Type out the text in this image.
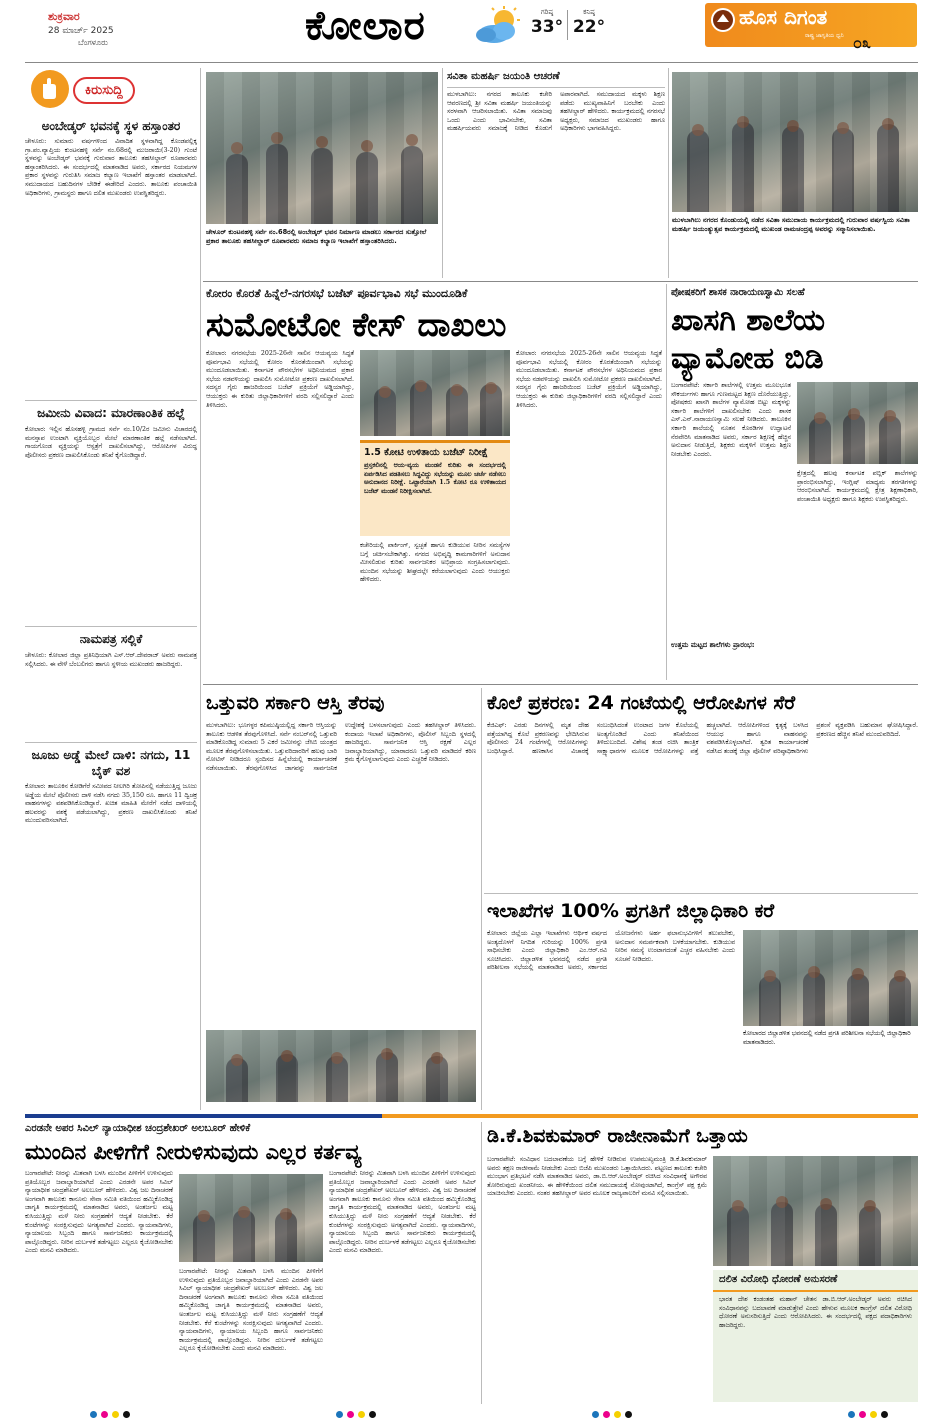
ಶುಕ್ರವಾರ
28 ಮಾರ್ಚ್ 2025
ಬೆಂಗಳೂರು	ಕೋಲಾರ	ಗರಿಷ್ಠ
33°
ಕನಿಷ್ಠ
22°	ಹೊಸ ದಿಗಂತ
ರಾಷ್ಟ್ರ ಜಾಗೃತಿಯ ಧ್ವನಿ ೦೩
ಕಿರುಸುದ್ದಿ
ಅಂಬೇಡ್ಕರ್ ಭವನಕ್ಕೆ ಸ್ಥಳ ಹಸ್ತಾಂತರ
ಚೇಳೂರು: ಸುಮಾರು ವರ್ಷಗಳಿಂದ ವಿವಾದಿತ ಸ್ಥಳವಾಗಿದ್ದ ಕೊಂಡಪಲ್ಲಿಕ್ಕ ಗ್ರಾ.ಪಂ.ವ್ಯಾಪ್ತಿಯ ಕುಂಟನಹಳ್ಳಿ ಸರ್ವೆ ನಂ.68ರಲ್ಲಿ ಮುಜರಾಯಿ(3-20) ಗುಂಟೆ ಸ್ಥಳವನ್ನು ಅಂಬೇಡ್ಕರ್ ಭವನಕ್ಕೆ ಗುರುವಾರ ತಾಲೂಕು ತಹಸೀಲ್ದಾರ್ ರೂಪಾರವರು ಹಸ್ತಾಂತರಿಸಿದರು. ಈ ಸಂದರ್ಭದಲ್ಲಿ ಮಾತನಾಡಿದ ಅವರು, ಸರ್ಕಾರದ ನಿಯಮಗಳ ಪ್ರಕಾರ ಸ್ಥಳವನ್ನು ಗುರುತಿಸಿ ಸಮಾಜ ಕಲ್ಯಾಣ ಇಲಾಖೆಗೆ ಹಸ್ತಾಂತರ ಮಾಡಲಾಗಿದೆ. ಸಮುದಾಯದ ಬಹುದಿನಗಳ ಬೇಡಿಕೆ ಈಡೇರಿದೆ ಎಂದರು. ತಾಲೂಕು ಪಂಚಾಯಿತಿ ಅಧಿಕಾರಿಗಳು, ಗ್ರಾಮಸ್ಥರು ಹಾಗೂ ದಲಿತ ಮುಖಂಡರು ಉಪಸ್ಥಿತರಿದ್ದರು.
ಜಮೀನು ವಿವಾದ: ಮಾರಣಾಂತಿಕ ಹಲ್ಲೆ
ಕೋಲಾರ: ಇಲ್ಲಿನ ಹೊಸಹಳ್ಳಿ ಗ್ರಾಮದ ಸರ್ವೆ ನಂ.10/2ರ ಜಮೀನು ವಿಚಾರದಲ್ಲಿ ಮನಸ್ತಾಪ ಉಂಟಾಗಿ ವ್ಯಕ್ತಿಯೊಬ್ಬರ ಮೇಲೆ ಮಾರಣಾಂತಿಕ ಹಲ್ಲೆ ನಡೆಸಲಾಗಿದೆ. ಗಾಯಗೊಂಡ ವ್ಯಕ್ತಿಯನ್ನು ಆಸ್ಪತ್ರೆಗೆ ದಾಖಲಿಸಲಾಗಿದ್ದು, ಆರೋಪಿಗಳ ವಿರುದ್ಧ ಪೊಲೀಸರು ಪ್ರಕರಣ ದಾಖಲಿಸಿಕೊಂಡು ತನಿಖೆ ಕೈಗೊಂಡಿದ್ದಾರೆ.
ನಾಮಪತ್ರ ಸಲ್ಲಿಕೆ
ಚೇಳೂರು: ಕೋಲಾರ ಜಿಲ್ಲಾ ಪ್ರತಿನಿಧಿಯಾಗಿ ಎಸ್.ಆರ್.ದೇವರಾಜ್ ಅವರು ನಾಮಪತ್ರ ಸಲ್ಲಿಸಿದರು. ಈ ವೇಳೆ ಬೆಂಬಲಿಗರು ಹಾಗೂ ಸ್ಥಳೀಯ ಮುಖಂಡರು ಹಾಜರಿದ್ದರು.
ಜೂಜು ಅಡ್ಡೆ ಮೇಲೆ ದಾಳಿ: ನಗದು, 11 ಬೈಕ್ ವಶ
ಕೋಲಾರ: ತಾಲೂಕಿನ ಕೋಡಿಗೆರೆ ಸಮೀಪದ ನೀಲಗಿರಿ ತೋಪಿನಲ್ಲಿ ನಡೆಯುತ್ತಿದ್ದ ಜೂಜು ಅಡ್ಡೆಯ ಮೇಲೆ ಪೊಲೀಸರು ದಾಳಿ ನಡೆಸಿ ನಗದು 35,150 ರೂ. ಹಾಗೂ 11 ದ್ವಿಚಕ್ರ ವಾಹನಗಳನ್ನು ವಶಪಡಿಸಿಕೊಂಡಿದ್ದಾರೆ. ಖಚಿತ ಮಾಹಿತಿ ಮೇರೆಗೆ ನಡೆದ ದಾಳಿಯಲ್ಲಿ ಹಲವರನ್ನು ವಶಕ್ಕೆ ಪಡೆಯಲಾಗಿದ್ದು, ಪ್ರಕರಣ ದಾಖಲಿಸಿಕೊಂಡು ತನಿಖೆ ಮುಂದುವರಿಸಲಾಗಿದೆ.
ಚೇಳೂರ್ ಕುಂಟನಹಳ್ಳಿ ಸರ್ವೆ ನಂ.68ರಲ್ಲಿ ಅಂಬೇಡ್ಕರ್ ಭವನ ನಿರ್ಮಾಣ ಮಾಡಲು ಸರ್ಕಾರದ ಸುತ್ತೋಲೆ ಪ್ರಕಾರ ತಾಲೂಕು ತಹಸೀಲ್ದಾರ್ ರೂಪಾರವರು ಸಮಾಜ ಕಲ್ಯಾಣ ಇಲಾಖೆಗೆ ಹಸ್ತಾಂತರಿಸಿದರು.
ಸವಿತಾ ಮಹರ್ಷಿ ಜಯಂತಿ ಆಚರಣೆ
ಮುಳಬಾಗಿಲು: ನಗರದ ತಾಲೂಕು ಕಚೇರಿ ಆವರಣದಲ್ಲಿ ಶ್ರೀ ಸವಿತಾ ಮಹರ್ಷಿ ಜಯಂತಿಯನ್ನು ಸರಳವಾಗಿ ಆಚರಿಸಲಾಯಿತು. ಸವಿತಾ ಸಮಾಜವು ಒಂದು ಎಂದು ಭಾವಿಸಬೇಕು, ಸವಿತಾ ಮಹರ್ಷಿಯವರು ಸಮಾಜಕ್ಕೆ ನೀಡಿದ ಕೊಡುಗೆ ಅಪಾರವಾಗಿದೆ. ಸಮುದಾಯದ ಮಕ್ಕಳು ಶಿಕ್ಷಣ ಪಡೆದು ಮುಖ್ಯವಾಹಿನಿಗೆ ಬರಬೇಕು ಎಂದು ತಹಸೀಲ್ದಾರ್ ಹೇಳಿದರು. ಕಾರ್ಯಕ್ರಮದಲ್ಲಿ ನಗರಸಭೆ ಅಧ್ಯಕ್ಷರು, ಸಮಾಜದ ಮುಖಂಡರು ಹಾಗೂ ಅಧಿಕಾರಿಗಳು ಭಾಗವಹಿಸಿದ್ದರು.
ಮುಳಬಾಗಿಲು ನಗರದ ಕೊಂಡುಯಲ್ಲಿ ನಡೆದ ಸವಿತಾ ಸಮುದಾಯ ಕಾರ್ಯಕ್ರಮದಲ್ಲಿ ಗುರುವಾರ ವರ್ಷಸ್ವಿಯ ಸವಿತಾ ಮಹರ್ಷಿ ಜಯಂತ್ಯುತ್ಸವ ಕಾರ್ಯಕ್ರಮದಲ್ಲಿ ಮುಖಂಡ ರಾಮಚಂದ್ರಪ್ಪ ಅವರನ್ನು ಸನ್ಮಾನಿಸಲಾಯಿತು.
ಕೋರಂ ಕೊರತೆ ಹಿನ್ನೆಲೆ-ನಗರಸಭೆ ಬಜೆಟ್ ಪೂರ್ವಭಾವಿ ಸಭೆ ಮುಂದೂಡಿಕೆ
ಸುಮೋಟೋ ಕೇಸ್ ದಾಖಲು
ಕೋಲಾರ: ನಗರಸಭೆಯ 2025-26ನೇ ಸಾಲಿನ ಆಯವ್ಯಯ ಸಿದ್ಧತೆ ಪೂರ್ವಭಾವಿ ಸಭೆಯಲ್ಲಿ ಕೋರಂ ಕೊರತೆಯಿಂದಾಗಿ ಸಭೆಯನ್ನು ಮುಂದೂಡಲಾಯಿತು. ಕರ್ನಾಟಕ ಪೌರಸಭೆಗಳ ಅಧಿನಿಯಮದ ಪ್ರಕಾರ ಸಭೆಯ ನಡವಳಿಯನ್ನು ದಾಖಲಿಸಿ ಸುಮೋಟೋ ಪ್ರಕರಣ ದಾಖಲಿಸಲಾಗಿದೆ. ಸದಸ್ಯರ ಗೈರು ಹಾಜರಿಯಿಂದ ಬಜೆಟ್ ಪ್ರಕ್ರಿಯೆಗೆ ಅಡ್ಡಿಯಾಗಿದ್ದು, ಆಯುಕ್ತರು ಈ ಕುರಿತು ಜಿಲ್ಲಾಧಿಕಾರಿಗಳಿಗೆ ವರದಿ ಸಲ್ಲಿಸಲಿದ್ದಾರೆ ಎಂದು ತಿಳಿಸಿದರು.
1.5 ಕೋಟಿ ಉಳಿತಾಯ ಬಜೆಟ್ ನಿರೀಕ್ಷೆ
ಪ್ರಸ್ತಕಲಿನಲ್ಲಿ ಆಯ-ವ್ಯಯ ಮಂಡನೆ ಕುರಿತು ಈ ಸಂದರ್ಭದಲ್ಲಿ ಏರ್ಪಡಿಸಿದ ಪಡತಿಸಲು ಸಿದ್ಧವಿದ್ದು ಸಭೆಯನ್ನು ಮೂಲ ಚರ್ಚೆ ನಡೆಸಲು ಅನುದಾನದ ನಿರೀಕ್ಷೆ. ಒಟ್ಟಾರೆಯಾಗಿ 1.5 ಕೋಟಿ ರೂ ಉಳಿತಾಯದ ಬಜೆಟ್ ಮಂಡನೆ ನಿರೀಕ್ಷಿಸಲಾಗಿದೆ.
ಕಚೇರಿಯಲ್ಲಿ ಪಾರ್ಕಿಂಗ್, ಸ್ವಚ್ಛತೆ ಹಾಗೂ ಕುಡಿಯುವ ನೀರಿನ ಸಮಸ್ಯೆಗಳ ಬಗ್ಗೆ ಚರ್ಚಿಸಬೇಕಾಗಿತ್ತು. ನಗರದ ಅಭಿವೃದ್ಧಿ ಕಾಮಗಾರಿಗಳಿಗೆ ಅನುದಾನ ಮೀಸಲಿಡುವ ಕುರಿತು ಸಾರ್ವಜನಿಕರ ಅಭಿಪ್ರಾಯ ಸಂಗ್ರಹಿಸಲಾಗುವುದು. ಮುಂದಿನ ಸಭೆಯನ್ನು ಶೀಘ್ರದಲ್ಲೇ ಕರೆಯಲಾಗುವುದು ಎಂದು ಆಯುಕ್ತರು ಹೇಳಿದರು.
ಕೋಲಾರ: ನಗರಸಭೆಯ 2025-26ನೇ ಸಾಲಿನ ಆಯವ್ಯಯ ಸಿದ್ಧತೆ ಪೂರ್ವಭಾವಿ ಸಭೆಯಲ್ಲಿ ಕೋರಂ ಕೊರತೆಯಿಂದಾಗಿ ಸಭೆಯನ್ನು ಮುಂದೂಡಲಾಯಿತು. ಕರ್ನಾಟಕ ಪೌರಸಭೆಗಳ ಅಧಿನಿಯಮದ ಪ್ರಕಾರ ಸಭೆಯ ನಡವಳಿಯನ್ನು ದಾಖಲಿಸಿ ಸುಮೋಟೋ ಪ್ರಕರಣ ದಾಖಲಿಸಲಾಗಿದೆ. ಸದಸ್ಯರ ಗೈರು ಹಾಜರಿಯಿಂದ ಬಜೆಟ್ ಪ್ರಕ್ರಿಯೆಗೆ ಅಡ್ಡಿಯಾಗಿದ್ದು, ಆಯುಕ್ತರು ಈ ಕುರಿತು ಜಿಲ್ಲಾಧಿಕಾರಿಗಳಿಗೆ ವರದಿ ಸಲ್ಲಿಸಲಿದ್ದಾರೆ ಎಂದು ತಿಳಿಸಿದರು.
ಪೋಷಕರಿಗೆ ಶಾಸಕ ನಾರಾಯಣಸ್ವಾಮಿ ಸಲಹೆ
ಖಾಸಗಿ ಶಾಲೆಯ ವ್ಯಾಮೋಹ ಬಿಡಿ
ಬಂಗಾರಪೇಟೆ: ಸರ್ಕಾರಿ ಶಾಲೆಗಳಲ್ಲಿ ಉತ್ತಮ ಮೂಲಭೂತ ಸೌಕರ್ಯಗಳು ಹಾಗೂ ಗುಣಮಟ್ಟದ ಶಿಕ್ಷಣ ದೊರೆಯುತ್ತಿದ್ದು, ಪೋಷಕರು ಖಾಸಗಿ ಶಾಲೆಗಳ ವ್ಯಾಮೋಹ ಬಿಟ್ಟು ಮಕ್ಕಳನ್ನು ಸರ್ಕಾರಿ ಶಾಲೆಗಳಿಗೆ ದಾಖಲಿಸಬೇಕು ಎಂದು ಶಾಸಕ ಎಸ್.ಎನ್.ನಾರಾಯಣಸ್ವಾಮಿ ಸಲಹೆ ನೀಡಿದರು. ತಾಲೂಕಿನ ಸರ್ಕಾರಿ ಶಾಲೆಯಲ್ಲಿ ನೂತನ ಕೊಠಡಿಗಳ ಉದ್ಘಾಟನೆ ನೆರವೇರಿಸಿ ಮಾತನಾಡಿದ ಅವರು, ಸರ್ಕಾರ ಶಿಕ್ಷಣಕ್ಕೆ ಹೆಚ್ಚಿನ ಅನುದಾನ ನೀಡುತ್ತಿದೆ, ಶಿಕ್ಷಕರು ಮಕ್ಕಳಿಗೆ ಉತ್ತಮ ಶಿಕ್ಷಣ ನೀಡಬೇಕು ಎಂದರು.
ಕ್ಷೇತ್ರದಲ್ಲಿ ಹಲವು ಕರ್ನಾಟಕ ಪಬ್ಲಿಕ್ ಶಾಲೆಗಳನ್ನು ಪ್ರಾರಂಭಿಸಲಾಗಿದ್ದು, ಇಂಗ್ಲಿಷ್ ಮಾಧ್ಯಮ ತರಗತಿಗಳನ್ನು ಆರಂಭಿಸಲಾಗಿದೆ. ಕಾರ್ಯಕ್ರಮದಲ್ಲಿ ಕ್ಷೇತ್ರ ಶಿಕ್ಷಣಾಧಿಕಾರಿ, ಪಂಚಾಯಿತಿ ಅಧ್ಯಕ್ಷರು ಹಾಗೂ ಶಿಕ್ಷಕರು ಉಪಸ್ಥಿತರಿದ್ದರು.
ಉತ್ತಮ ಮಟ್ಟದ ಶಾಲೆಗಳು ಪ್ರಾರಂಭ:
ಒತ್ತುವರಿ ಸರ್ಕಾರಿ ಆಸ್ತಿ ತೆರವು
ಮುಳಬಾಗಿಲು: ಭೂಗಳ್ಳರ ಕಪಿಮುಷ್ಠಿಯಲ್ಲಿದ್ದ ಸರ್ಕಾರಿ ಆಸ್ತಿಯನ್ನು ತಾಲೂಕು ಆಡಳಿತ ತೆರವುಗೊಳಿಸಿದೆ. ಸರ್ವೆ ನಂಬರ್‌ನಲ್ಲಿ ಒತ್ತುವರಿ ಮಾಡಿಕೊಂಡಿದ್ದ ಸುಮಾರು 5 ಎಕರೆ ಜಮೀನನ್ನು ಜೆಸಿಬಿ ಯಂತ್ರದ ಮೂಲಕ ತೆರವುಗೊಳಿಸಲಾಯಿತು. ಒತ್ತುವರಿದಾರರಿಗೆ ಹಲವು ಬಾರಿ ನೋಟಿಸ್ ನೀಡಿದರೂ ಸ್ಪಂದಿಸದ ಹಿನ್ನೆಲೆಯಲ್ಲಿ ಕಾರ್ಯಾಚರಣೆ ನಡೆಸಲಾಯಿತು. ತೆರವುಗೊಳಿಸಿದ ಜಾಗವನ್ನು ಸಾರ್ವಜನಿಕ ಉದ್ದೇಶಕ್ಕೆ ಬಳಸಲಾಗುವುದು ಎಂದು ತಹಸೀಲ್ದಾರ್ ತಿಳಿಸಿದರು. ಕಂದಾಯ ಇಲಾಖೆ ಅಧಿಕಾರಿಗಳು, ಪೊಲೀಸ್ ಸಿಬ್ಬಂದಿ ಸ್ಥಳದಲ್ಲಿ ಹಾಜರಿದ್ದರು. ಸಾರ್ವಜನಿಕ ಆಸ್ತಿ ರಕ್ಷಣೆ ಎಲ್ಲರ ಜವಾಬ್ದಾರಿಯಾಗಿದ್ದು, ಯಾರಾದರೂ ಒತ್ತುವರಿ ಮಾಡಿದರೆ ಕಠಿಣ ಕ್ರಮ ಕೈಗೊಳ್ಳಲಾಗುವುದು ಎಂದು ಎಚ್ಚರಿಕೆ ನೀಡಿದರು.
ಕೊಲೆ ಪ್ರಕರಣ: 24 ಗಂಟೆಯಲ್ಲಿ ಆರೋಪಿಗಳ ಸೆರೆ
ಕೆಜಿಎಫ್: ಎರಡು ದಿನಗಳಲ್ಲಿ ಮೃತ ದೇಹ ಪತ್ತೆಯಾಗಿದ್ದ ಕೊಲೆ ಪ್ರಕರಣವನ್ನು ಭೇದಿಸಿರುವ ಪೊಲೀಸರು 24 ಗಂಟೆಗಳಲ್ಲಿ ಆರೋಪಿಗಳನ್ನು ಬಂಧಿಸಿದ್ದಾರೆ. ಹಣಕಾಸಿನ ವಿಚಾರಕ್ಕೆ ಸಂಬಂಧಿಸಿದಂತೆ ಉಂಟಾದ ಜಗಳ ಕೊಲೆಯಲ್ಲಿ ಅಂತ್ಯಗೊಂಡಿದೆ ಎಂದು ತನಿಖೆಯಿಂದ ತಿಳಿದುಬಂದಿದೆ. ವಿಶೇಷ ತಂಡ ರಚಿಸಿ ತಾಂತ್ರಿಕ ಸಾಕ್ಷ್ಯಾಧಾರಗಳ ಮೂಲಕ ಆರೋಪಿಗಳನ್ನು ಪತ್ತೆ ಹಚ್ಚಲಾಗಿದೆ. ಆರೋಪಿಗಳಿಂದ ಕೃತ್ಯಕ್ಕೆ ಬಳಸಿದ ಆಯುಧ ಹಾಗೂ ವಾಹನವನ್ನು ವಶಪಡಿಸಿಕೊಳ್ಳಲಾಗಿದೆ. ತ್ವರಿತ ಕಾರ್ಯಾಚರಣೆ ನಡೆಸಿದ ತಂಡಕ್ಕೆ ಜಿಲ್ಲಾ ಪೊಲೀಸ್ ವರಿಷ್ಠಾಧಿಕಾರಿಗಳು ಪ್ರಶಂಸೆ ವ್ಯಕ್ತಪಡಿಸಿ ಬಹುಮಾನ ಘೋಷಿಸಿದ್ದಾರೆ. ಪ್ರಕರಣದ ಹೆಚ್ಚಿನ ತನಿಖೆ ಮುಂದುವರಿದಿದೆ.
ಇಲಾಖೆಗಳ 100% ಪ್ರಗತಿಗೆ ಜಿಲ್ಲಾಧಿಕಾರಿ ಕರೆ
ಕೋಲಾರ: ಜಿಲ್ಲೆಯ ಎಲ್ಲಾ ಇಲಾಖೆಗಳು ಆರ್ಥಿಕ ವರ್ಷದ ಅಂತ್ಯದೊಳಗೆ ನಿಗದಿತ ಗುರಿಯನ್ನು 100% ಪ್ರಗತಿ ಸಾಧಿಸಬೇಕು ಎಂದು ಜಿಲ್ಲಾಧಿಕಾರಿ ಎಂ.ಆರ್.ರವಿ ಸೂಚಿಸಿದರು. ಜಿಲ್ಲಾಡಳಿತ ಭವನದಲ್ಲಿ ನಡೆದ ಪ್ರಗತಿ ಪರಿಶೀಲನಾ ಸಭೆಯಲ್ಲಿ ಮಾತನಾಡಿದ ಅವರು, ಸರ್ಕಾರದ ಯೋಜನೆಗಳು ಅರ್ಹ ಫಲಾನುಭವಿಗಳಿಗೆ ತಲುಪಬೇಕು, ಅನುದಾನ ಸಮರ್ಪಕವಾಗಿ ಬಳಕೆಯಾಗಬೇಕು. ಕುಡಿಯುವ ನೀರಿನ ಸಮಸ್ಯೆ ಉಂಟಾಗದಂತೆ ಎಚ್ಚರ ವಹಿಸಬೇಕು ಎಂದು ಸೂಚನೆ ನೀಡಿದರು.
ಕೋಲಾರದ ಜಿಲ್ಲಾಡಳಿತ ಭವನದಲ್ಲಿ ನಡೆದ ಪ್ರಗತಿ ಪರಿಶೀಲನಾ ಸಭೆಯಲ್ಲಿ ಜಿಲ್ಲಾಧಿಕಾರಿ ಮಾತನಾಡಿದರು.
ಎರಡನೇ ಅಪರ ಸಿವಿಲ್ ನ್ಯಾಯಾಧೀಶ ಚಂದ್ರಶೇಖರ್ ಅಲಬೂರ್ ಹೇಳಿಕೆ
ಮುಂದಿನ ಪೀಳಿಗೆಗೆ ನೀರುಳಿಸುವುದು ಎಲ್ಲರ ಕರ್ತವ್ಯ
ಬಂಗಾರಪೇಟೆ: ನೀರನ್ನು ಮಿತವಾಗಿ ಬಳಸಿ ಮುಂದಿನ ಪೀಳಿಗೆಗೆ ಉಳಿಸುವುದು ಪ್ರತಿಯೊಬ್ಬರ ಜವಾಬ್ದಾರಿಯಾಗಿದೆ ಎಂದು ಎರಡನೇ ಅಪರ ಸಿವಿಲ್ ನ್ಯಾಯಾಧೀಶ ಚಂದ್ರಶೇಖರ್ ಅಲಬೂರ್ ಹೇಳಿದರು. ವಿಶ್ವ ಜಲ ದಿನಾಚರಣೆ ಅಂಗವಾಗಿ ತಾಲೂಕು ಕಾನೂನು ಸೇವಾ ಸಮಿತಿ ವತಿಯಿಂದ ಹಮ್ಮಿಕೊಂಡಿದ್ದ ಜಾಗೃತಿ ಕಾರ್ಯಕ್ರಮದಲ್ಲಿ ಮಾತನಾಡಿದ ಅವರು, ಅಂತರ್ಜಲ ಮಟ್ಟ ಕುಸಿಯುತ್ತಿದ್ದು ಮಳೆ ನೀರು ಸಂಗ್ರಹಣೆಗೆ ಆದ್ಯತೆ ನೀಡಬೇಕು. ಕೆರೆ ಕುಂಟೆಗಳನ್ನು ಸಂರಕ್ಷಿಸುವುದು ಅಗತ್ಯವಾಗಿದೆ ಎಂದರು. ನ್ಯಾಯವಾದಿಗಳು, ನ್ಯಾಯಾಲಯ ಸಿಬ್ಬಂದಿ ಹಾಗೂ ಸಾರ್ವಜನಿಕರು ಕಾರ್ಯಕ್ರಮದಲ್ಲಿ ಪಾಲ್ಗೊಂಡಿದ್ದರು. ನೀರಿನ ದುರ್ಬಳಕೆ ತಡೆಗಟ್ಟಲು ಎಲ್ಲರೂ ಕೈಜೋಡಿಸಬೇಕು ಎಂದು ಮನವಿ ಮಾಡಿದರು.
ಬಂಗಾರಪೇಟೆ: ನೀರನ್ನು ಮಿತವಾಗಿ ಬಳಸಿ ಮುಂದಿನ ಪೀಳಿಗೆಗೆ ಉಳಿಸುವುದು ಪ್ರತಿಯೊಬ್ಬರ ಜವಾಬ್ದಾರಿಯಾಗಿದೆ ಎಂದು ಎರಡನೇ ಅಪರ ಸಿವಿಲ್ ನ್ಯಾಯಾಧೀಶ ಚಂದ್ರಶೇಖರ್ ಅಲಬೂರ್ ಹೇಳಿದರು. ವಿಶ್ವ ಜಲ ದಿನಾಚರಣೆ ಅಂಗವಾಗಿ ತಾಲೂಕು ಕಾನೂನು ಸೇವಾ ಸಮಿತಿ ವತಿಯಿಂದ ಹಮ್ಮಿಕೊಂಡಿದ್ದ ಜಾಗೃತಿ ಕಾರ್ಯಕ್ರಮದಲ್ಲಿ ಮಾತನಾಡಿದ ಅವರು, ಅಂತರ್ಜಲ ಮಟ್ಟ ಕುಸಿಯುತ್ತಿದ್ದು ಮಳೆ ನೀರು ಸಂಗ್ರಹಣೆಗೆ ಆದ್ಯತೆ ನೀಡಬೇಕು. ಕೆರೆ ಕುಂಟೆಗಳನ್ನು ಸಂರಕ್ಷಿಸುವುದು ಅಗತ್ಯವಾಗಿದೆ ಎಂದರು. ನ್ಯಾಯವಾದಿಗಳು, ನ್ಯಾಯಾಲಯ ಸಿಬ್ಬಂದಿ ಹಾಗೂ ಸಾರ್ವಜನಿಕರು ಕಾರ್ಯಕ್ರಮದಲ್ಲಿ ಪಾಲ್ಗೊಂಡಿದ್ದರು. ನೀರಿನ ದುರ್ಬಳಕೆ ತಡೆಗಟ್ಟಲು ಎಲ್ಲರೂ ಕೈಜೋಡಿಸಬೇಕು ಎಂದು ಮನವಿ ಮಾಡಿದರು.
ಬಂಗಾರಪೇಟೆ: ನೀರನ್ನು ಮಿತವಾಗಿ ಬಳಸಿ ಮುಂದಿನ ಪೀಳಿಗೆಗೆ ಉಳಿಸುವುದು ಪ್ರತಿಯೊಬ್ಬರ ಜವಾಬ್ದಾರಿಯಾಗಿದೆ ಎಂದು ಎರಡನೇ ಅಪರ ಸಿವಿಲ್ ನ್ಯಾಯಾಧೀಶ ಚಂದ್ರಶೇಖರ್ ಅಲಬೂರ್ ಹೇಳಿದರು. ವಿಶ್ವ ಜಲ ದಿನಾಚರಣೆ ಅಂಗವಾಗಿ ತಾಲೂಕು ಕಾನೂನು ಸೇವಾ ಸಮಿತಿ ವತಿಯಿಂದ ಹಮ್ಮಿಕೊಂಡಿದ್ದ ಜಾಗೃತಿ ಕಾರ್ಯಕ್ರಮದಲ್ಲಿ ಮಾತನಾಡಿದ ಅವರು, ಅಂತರ್ಜಲ ಮಟ್ಟ ಕುಸಿಯುತ್ತಿದ್ದು ಮಳೆ ನೀರು ಸಂಗ್ರಹಣೆಗೆ ಆದ್ಯತೆ ನೀಡಬೇಕು. ಕೆರೆ ಕುಂಟೆಗಳನ್ನು ಸಂರಕ್ಷಿಸುವುದು ಅಗತ್ಯವಾಗಿದೆ ಎಂದರು. ನ್ಯಾಯವಾದಿಗಳು, ನ್ಯಾಯಾಲಯ ಸಿಬ್ಬಂದಿ ಹಾಗೂ ಸಾರ್ವಜನಿಕರು ಕಾರ್ಯಕ್ರಮದಲ್ಲಿ ಪಾಲ್ಗೊಂಡಿದ್ದರು. ನೀರಿನ ದುರ್ಬಳಕೆ ತಡೆಗಟ್ಟಲು ಎಲ್ಲರೂ ಕೈಜೋಡಿಸಬೇಕು ಎಂದು ಮನವಿ ಮಾಡಿದರು.
ಡಿ.ಕೆ.ಶಿವಕುಮಾರ್ ರಾಜೀನಾಮೆಗೆ ಒತ್ತಾಯ
ಬಂಗಾರಪೇಟೆ: ಸಂವಿಧಾನ ಬದಲಾವಣೆಯ ಬಗ್ಗೆ ಹೇಳಿಕೆ ನೀಡಿರುವ ಉಪಮುಖ್ಯಮಂತ್ರಿ ಡಿ.ಕೆ.ಶಿವಕುಮಾರ್ ಅವರು ತಕ್ಷಣ ರಾಜೀನಾಮೆ ನೀಡಬೇಕು ಎಂದು ಬಿಜೆಪಿ ಮುಖಂಡರು ಒತ್ತಾಯಿಸಿದರು. ಪಟ್ಟಣದ ತಾಲೂಕು ಕಚೇರಿ ಮುಂಭಾಗ ಪ್ರತಿಭಟನೆ ನಡೆಸಿ ಮಾತನಾಡಿದ ಅವರು, ಡಾ.ಬಿ.ಆರ್.ಅಂಬೇಡ್ಕರ್ ರಚಿಸಿದ ಸಂವಿಧಾನಕ್ಕೆ ಅಗೌರವ ತೋರಿರುವುದು ಖಂಡನೀಯ. ಈ ಹೇಳಿಕೆಯಿಂದ ದಲಿತ ಸಮುದಾಯಕ್ಕೆ ನೋವುಂಟಾಗಿದೆ, ಕಾಂಗ್ರೆಸ್ ಪಕ್ಷ ಕ್ಷಮೆ ಯಾಚಿಸಬೇಕು ಎಂದರು. ನಂತರ ತಹಸೀಲ್ದಾರ್ ಅವರ ಮೂಲಕ ರಾಜ್ಯಪಾಲರಿಗೆ ಮನವಿ ಸಲ್ಲಿಸಲಾಯಿತು.
ದಲಿತ ವಿರೋಧಿ ಧೋರಣೆ ಅನುಸರಣೆ
ಭಾರತ ದೇಶ ಕಂಡಂತಹ ಮಹಾನ್ ಚೇತನ ಡಾ.ಬಿ.ಆರ್.ಅಂಬೇಡ್ಕರ್ ಅವರು ರಚಿಸಿದ ಸಂವಿಧಾನವನ್ನು ಬದಲಾವಣೆ ಮಾಡುತ್ತೇವೆ ಎಂದು ಹೇಳುವ ಮೂಲಕ ಕಾಂಗ್ರೆಸ್ ದಲಿತ ವಿರೋಧಿ ಧೋರಣೆ ಅನುಸರಿಸುತ್ತಿದೆ ಎಂದು ಆರೋಪಿಸಿದರು. ಈ ಸಂದರ್ಭದಲ್ಲಿ ಪಕ್ಷದ ಪದಾಧಿಕಾರಿಗಳು ಹಾಜರಿದ್ದರು.
